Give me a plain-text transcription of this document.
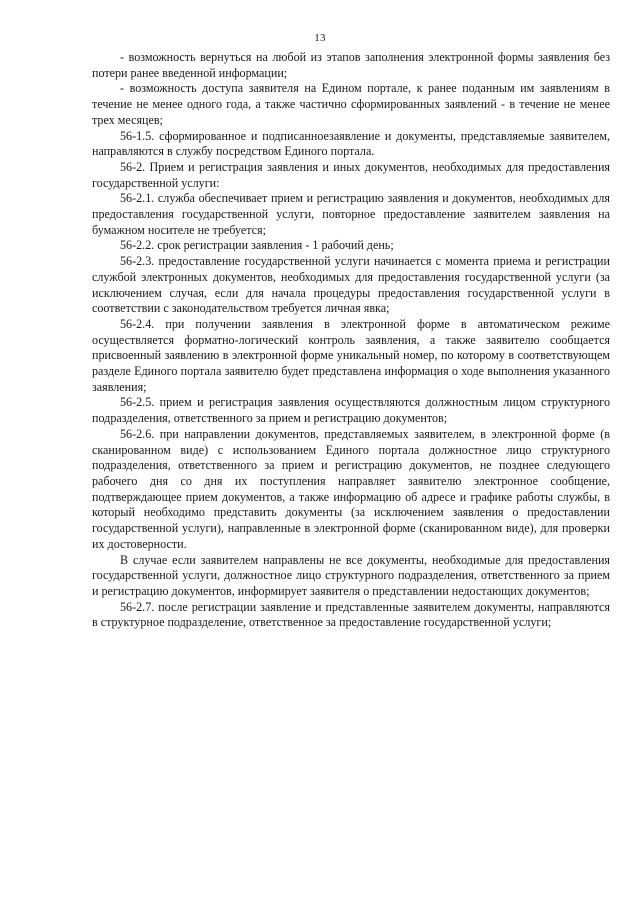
13

- возможность вернуться на любой из этапов заполнения электронной формы заявления без потери ранее введенной информации;

- возможность доступа заявителя на Едином портале, к ранее поданным им заявлениям в течение не менее одного года, а также частично сформированных заявлений - в течение не менее трех месяцев;

56-1.5. сформированное и подписанноезаявление и документы, представляемые заявителем, направляются в службу посредством Единого портала.

56-2. Прием и регистрация заявления и иных документов, необходимых для предоставления государственной услуги:

56-2.1. служба обеспечивает прием и регистрацию заявления и документов, необходимых для предоставления государственной услуги, повторное предоставление заявителем заявления на бумажном носителе не требуется;

56-2.2. срок регистрации заявления - 1 рабочий день;

56-2.3. предоставление государственной услуги начинается с момента приема и регистрации службой электронных документов, необходимых для предоставления государственной услуги (за исключением случая, если для начала процедуры предоставления государственной услуги в соответствии с законодательством требуется личная явка;

56-2.4. при получении заявления в электронной форме в автоматическом режиме осуществляется форматно-логический контроль заявления, а также заявителю сообщается присвоенный заявлению в электронной форме уникальный номер, по которому в соответствующем разделе Единого портала заявителю будет представлена информация о ходе выполнения указанного заявления;

56-2.5. прием и регистрация заявления осуществляются должностным лицом структурного подразделения, ответственного за прием и регистрацию документов;

56-2.6. при направлении документов, представляемых заявителем, в электронной форме (в сканированном виде) с использованием Единого портала должностное лицо структурного подразделения, ответственного за прием и регистрацию документов, не позднее следующего рабочего дня со дня их поступления направляет заявителю электронное сообщение, подтверждающее прием документов, а также информацию об адресе и графике работы службы, в который необходимо представить документы (за исключением заявления о предоставлении государственной услуги), направленные в электронной форме (сканированном виде), для проверки их достоверности.

В случае если заявителем направлены не все документы, необходимые для предоставления государственной услуги, должностное лицо структурного подразделения, ответственного за прием и регистрацию документов, информирует заявителя о представлении недостающих документов;

56-2.7. после регистрации заявление и представленные заявителем документы, направляются в структурное подразделение, ответственное за предоставление государственной услуги;
